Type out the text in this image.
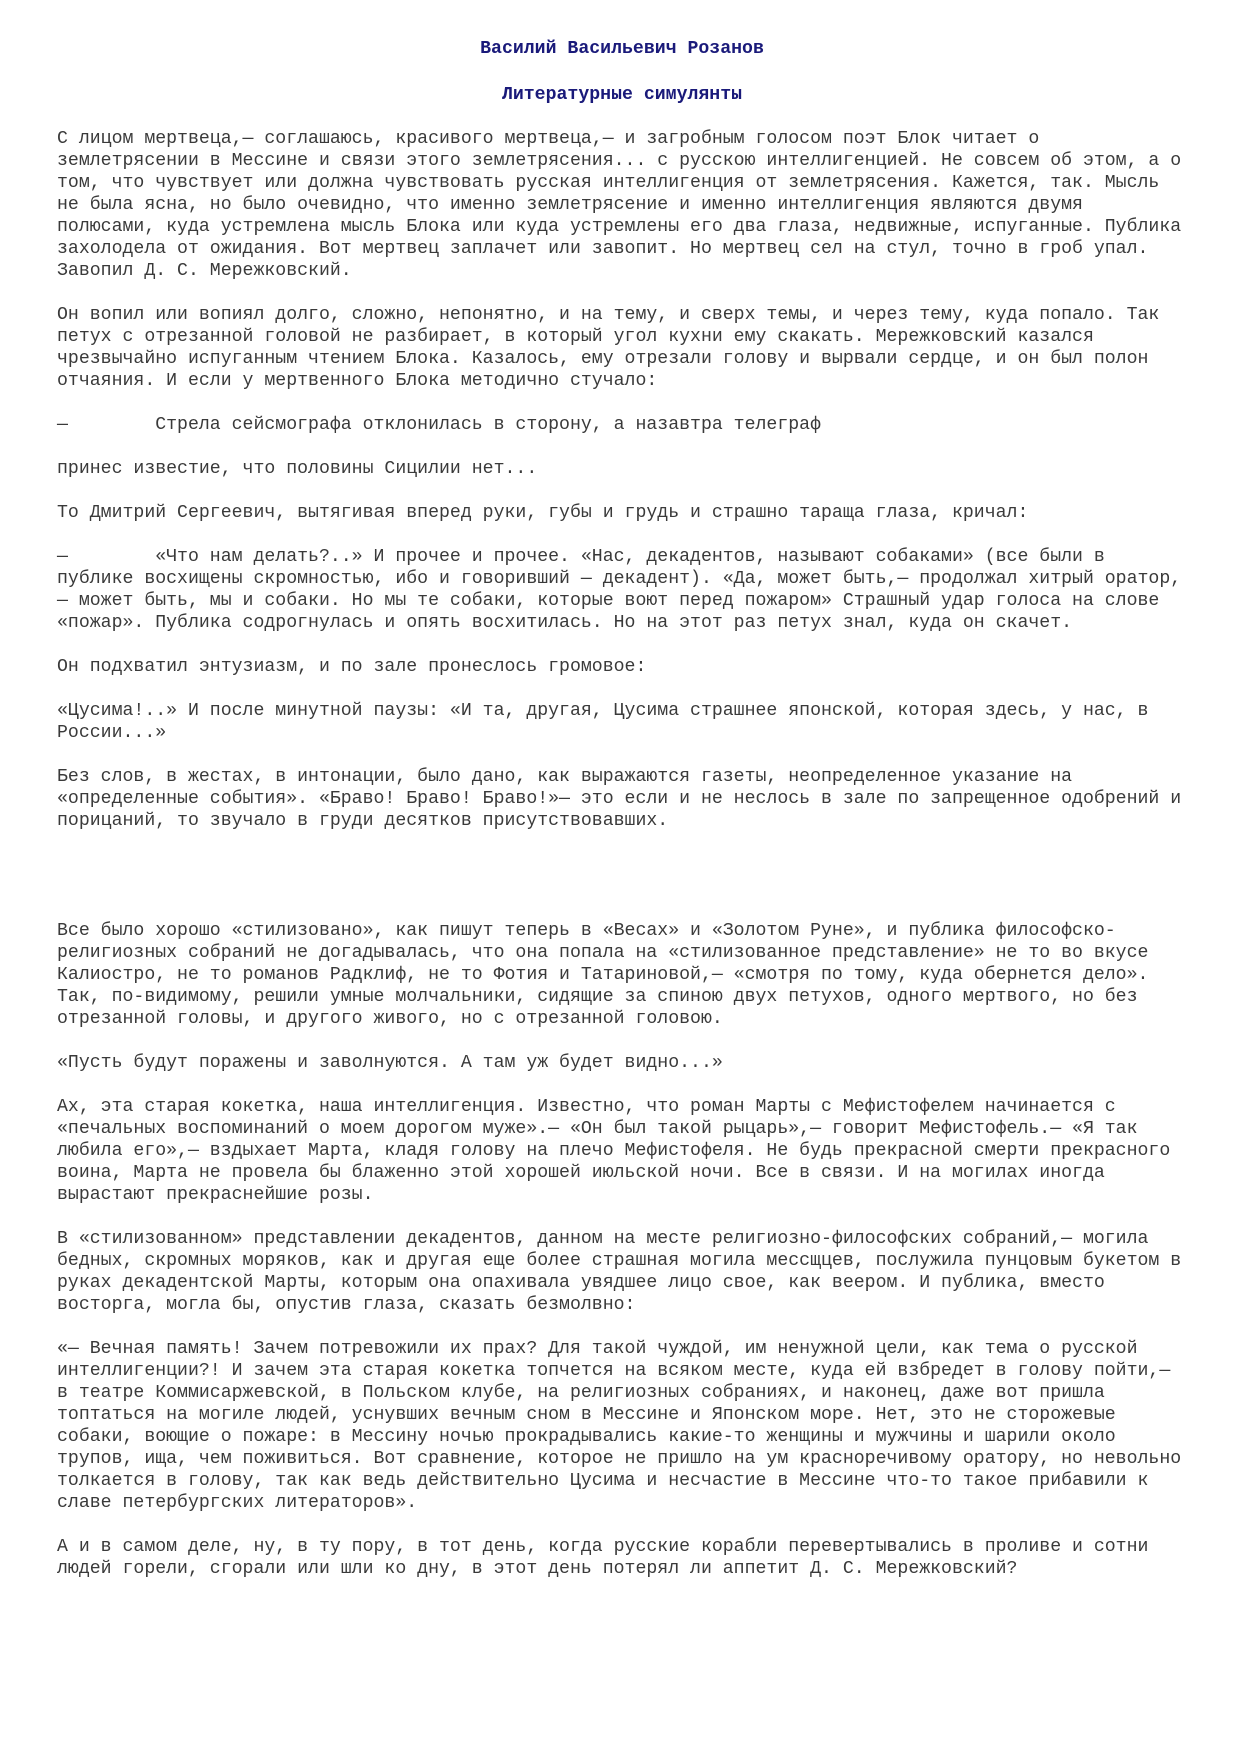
Василий Васильевич Розанов

Литературные симулянты

С лицом мертвеца,— соглашаюсь, красивого мертвеца,— и загробным голосом поэт Блок читает о землетрясении в Мессине и связи этого землетрясения... с русскою интеллигенцией. Не совсем об этом, а о том, что чувствует или должна чувствовать русская интеллигенция от землетрясения. Кажется, так. Мысль не была ясна, но было очевидно, что именно землетрясение и именно интеллигенция являются двумя полюсами, куда устремлена мысль Блока или куда устремлены его два глаза, недвижные, испуганные. Публика захолодела от ожидания. Вот мертвец заплачет или завопит. Но мертвец сел на стул, точно в гроб упал. Завопил Д. С. Мережковский.

Он вопил или вопиял долго, сложно, непонятно, и на тему, и сверх темы, и через тему, куда попало. Так петух с отрезанной головой не разбирает, в который угол кухни ему скакать. Мережковский казался чрезвычайно испуганным чтением Блока. Казалось, ему отрезали голову и вырвали сердце, и он был полон отчаяния. И если у мертвенного Блока методично стучало:

—        Стрела сейсмографа отклонилась в сторону, а назавтра телеграф

принес известие, что половины Сицилии нет...

То Дмитрий Сергеевич, вытягивая вперед руки, губы и грудь и страшно тараща глаза, кричал:

—        «Что нам делать?..» И прочее и прочее. «Нас, декадентов, называют собаками» (все были в публике восхищены скромностью, ибо и говоривший — декадент). «Да, может быть,— продолжал хитрый оратор,— может быть, мы и собаки. Но мы те собаки, которые воют перед пожаром» Страшный удар голоса на слове «пожар». Публика содрогнулась и опять восхитилась. Но на этот раз петух знал, куда он скачет.

Он подхватил энтузиазм, и по зале пронеслось громовое:

«Цусима!..» И после минутной паузы: «И та, другая, Цусима страшнее японской, которая здесь, у нас, в России...»

Без слов, в жестах, в интонации, было дано, как выражаются газеты, неопределенное указание на «определенные события». «Браво! Браво! Браво!»— это если и не неслось в зале по запрещенное одобрений и порицаний, то звучало в груди десятков присутствовавших.

Все было хорошо «стилизовано», как пишут теперь в «Весах» и «Золотом Руне», и публика философско-религиозных собраний не догадывалась, что она попала на «стилизованное представление» не то во вкусе Калиостро, не то романов Радклиф, не то Фотия и Татариновой,— «смотря по тому, куда обернется дело». Так, по-видимому, решили умные молчальники, сидящие за спиною двух петухов, одного мертвого, но без отрезанной головы, и другого живого, но с отрезанной головою.

«Пусть будут поражены и заволнуются. А там уж будет видно...»

Ах, эта старая кокетка, наша интеллигенция. Известно, что роман Марты с Мефистофелем начинается с «печальных воспоминаний о моем дорогом муже».— «Он был такой рыцарь»,— говорит Мефистофель.— «Я так любила его»,— вздыхает Марта, кладя голову на плечо Мефистофеля. Не будь прекрасной смерти прекрасного воина, Марта не провела бы блаженно этой хорошей июльской ночи. Все в связи. И на могилах иногда вырастают прекраснейшие розы.

В «стилизованном» представлении декадентов, данном на месте религиозно-философских собраний,— могила бедных, скромных моряков, как и другая еще более страшная могила мессщцев, послужила пунцовым букетом в руках декадентской Марты, которым она опахивала увядшее лицо свое, как веером. И публика, вместо восторга, могла бы, опустив глаза, сказать безмолвно:

«— Вечная память! Зачем потревожили их прах? Для такой чуждой, им ненужной цели, как тема о русской интеллигенции?! И зачем эта старая кокетка топчется на всяком месте, куда ей взбредет в голову пойти,— в театре Коммисаржевской, в Польском клубе, на религиозных собраниях, и наконец, даже вот пришла топтаться на могиле людей, уснувших вечным сном в Мессине и Японском море. Нет, это не сторожевые собаки, воющие о пожаре: в Мессину ночью прокрадывались какие-то женщины и мужчины и шарили около трупов, ища, чем поживиться. Вот сравнение, которое не пришло на ум красноречивому оратору, но невольно толкается в голову, так как ведь действительно Цусима и несчастие в Мессине что-то такое прибавили к славе петербургских литераторов».

А и в самом деле, ну, в ту пору, в тот день, когда русские корабли перевертывались в проливе и сотни людей горели, сгорали или шли ко дну, в этот день потерял ли аппетит Д. С. Мережковский?
